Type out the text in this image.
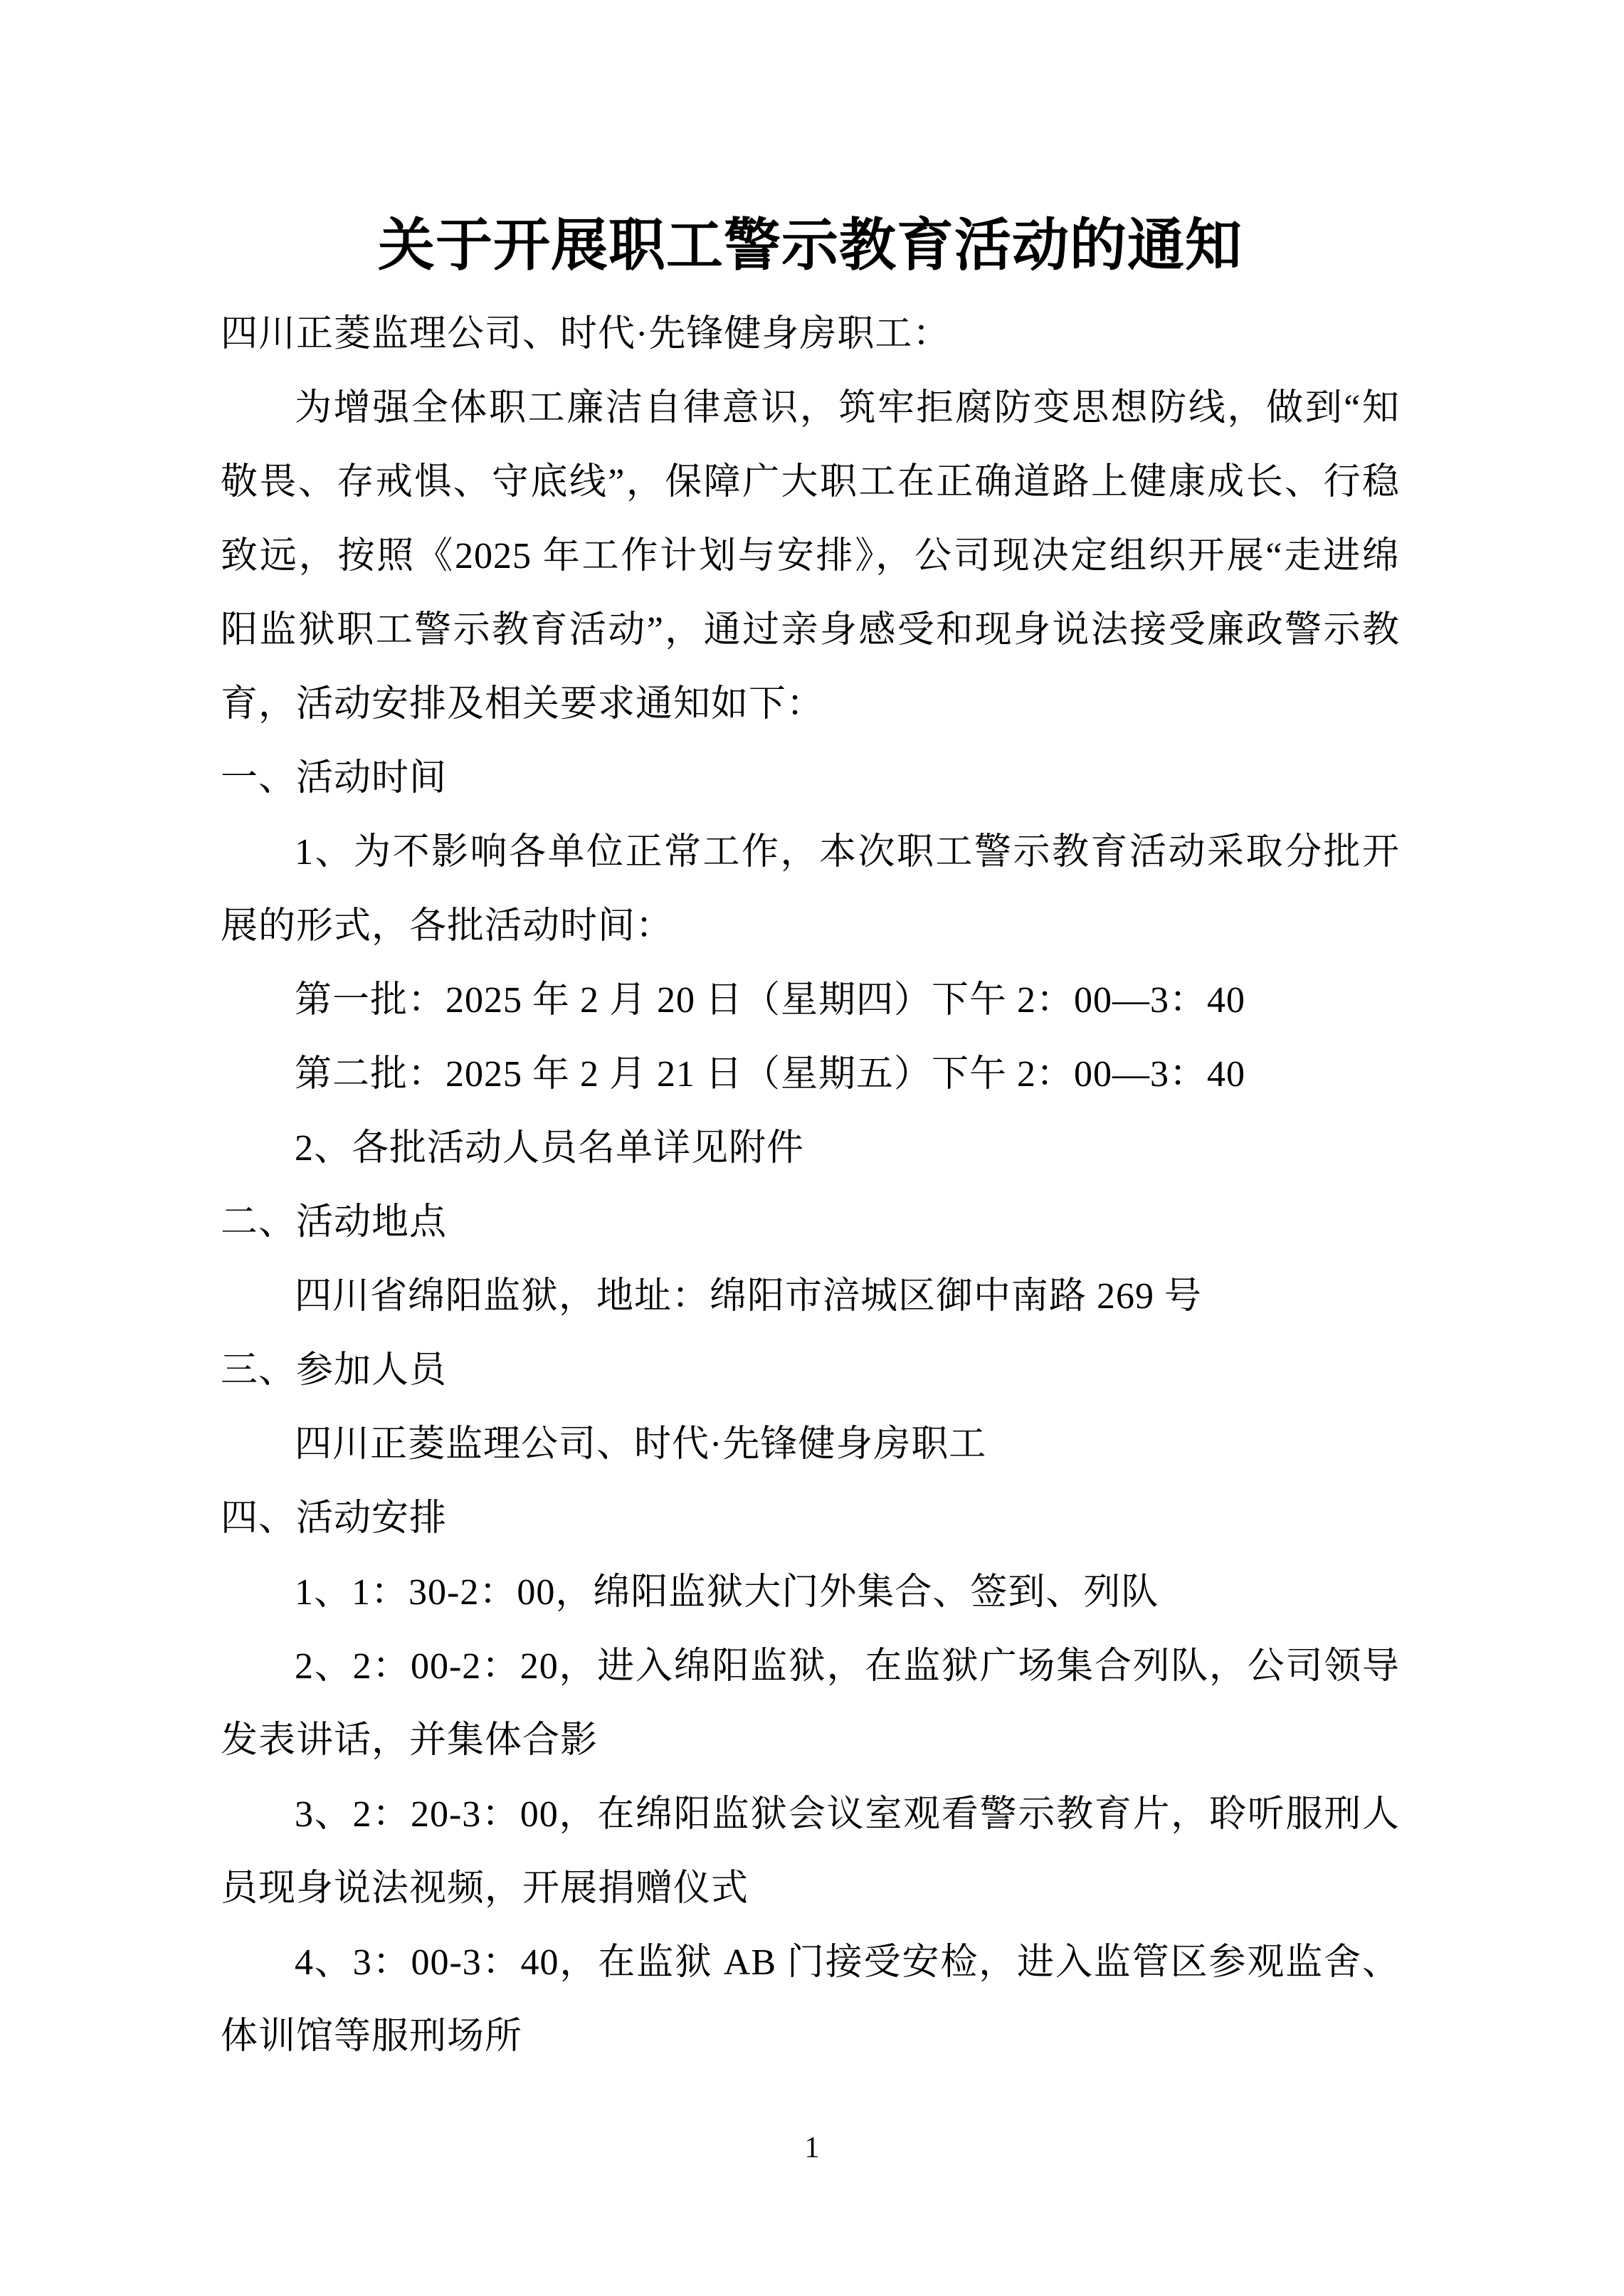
关于开展职工警示教育活动的通知
四川正菱监理公司、时代·先锋健身房职工：
为增强全体职工廉洁自律意识，筑牢拒腐防变思想防线，做到“知
敬畏、存戒惧、守底线”，保障广大职工在正确道路上健康成长、行稳
致远，按照《2025 年工作计划与安排》，公司现决定组织开展“走进绵
阳监狱职工警示教育活动”，通过亲身感受和现身说法接受廉政警示教
育，活动安排及相关要求通知如下：
一、活动时间
1、为不影响各单位正常工作，本次职工警示教育活动采取分批开
展的形式，各批活动时间：
第一批：2025 年 2 月 20 日（星期四）下午 2：00—3：40
第二批：2025 年 2 月 21 日（星期五）下午 2：00—3：40
2、各批活动人员名单详见附件
二、活动地点
四川省绵阳监狱，地址：绵阳市涪城区御中南路 269 号
三、参加人员
四川正菱监理公司、时代·先锋健身房职工
四、活动安排
1、1：30-2：00，绵阳监狱大门外集合、签到、列队
2、2：00-2：20，进入绵阳监狱，在监狱广场集合列队，公司领导
发表讲话，并集体合影
3、2：20-3：00，在绵阳监狱会议室观看警示教育片，聆听服刑人
员现身说法视频，开展捐赠仪式
4、3：00-3：40，在监狱 AB 门接受安检，进入监管区参观监舍、
体训馆等服刑场所
1
